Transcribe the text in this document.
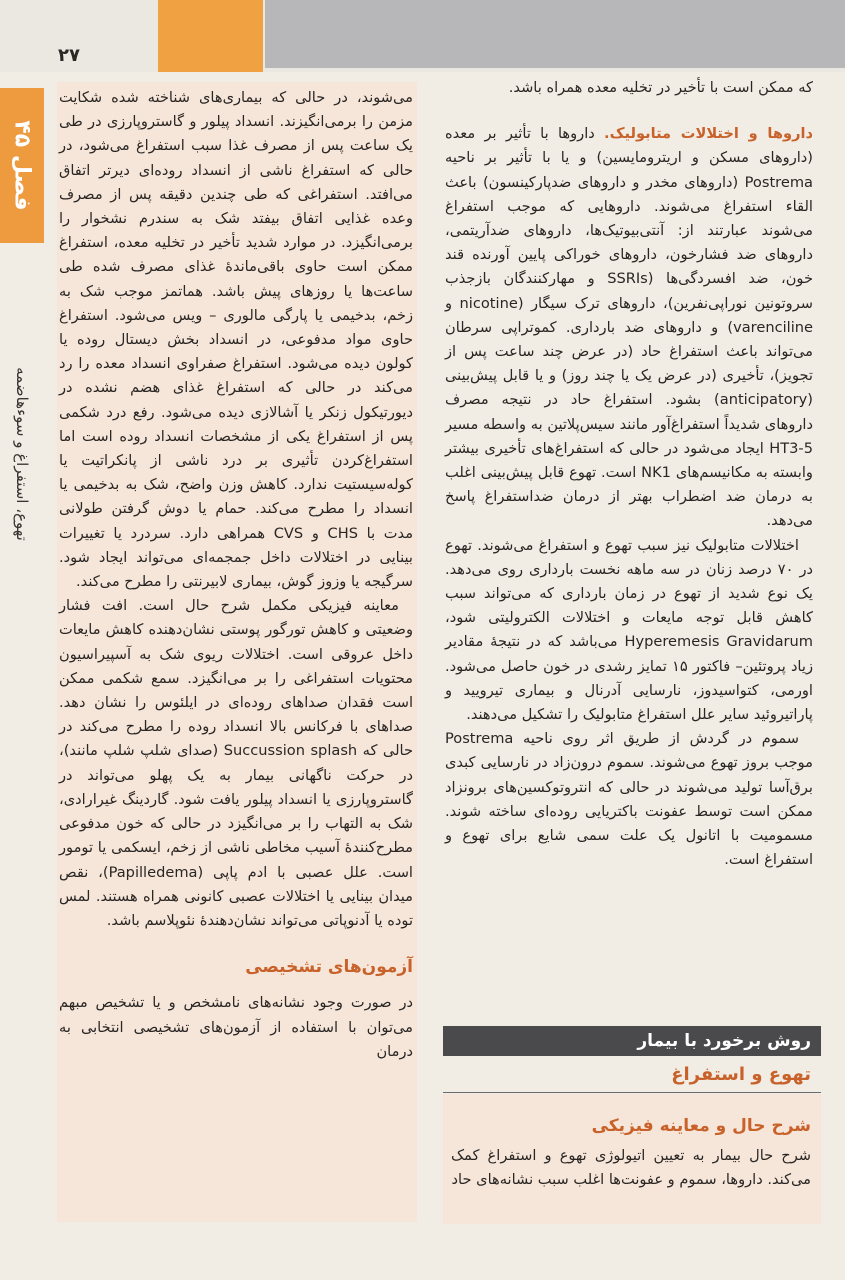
۲۷
فصل ۴۵
تهوع، استفراغ و سوءهاضمه

می‌شوند، در حالی که بیماری‌های شناخته شده شکایت مزمن را برمی‌انگیزند. انسداد پیلور و گاستروپارزی در طی یک ساعت پس از مصرف غذا سبب استفراغ می‌شود، در حالی که استفراغ ناشی از انسداد روده‌ای دیرتر اتفاق می‌افتد. استفراغی که طی چندین دقیقه پس از مصرف وعده غذایی اتفاق بیفتد شک به سندرم نشخوار را برمی‌انگیزد. در موارد شدید تأخیر در تخلیه معده، استفراغ ممکن است حاوی باقی‌ماندهٔ غذای مصرف شده طی ساعت‌ها یا روزهای پیش باشد. هماتمز موجب شک به زخم، بدخیمی یا پارگی مالوری – ویس می‌شود. استفراغ حاوی مواد مدفوعی، در انسداد بخش دیستال روده یا کولون دیده می‌شود. استفراغ صفراوی انسداد معده را رد می‌کند در حالی که استفراغ غذای هضم نشده در دیورتیکول زنکر یا آشالازی دیده می‌شود. رفع درد شکمی پس از استفراغ یکی از مشخصات انسداد روده است اما استفراغ‌کردن تأثیری بر درد ناشی از پانکراتیت یا کوله‌سیستیت ندارد. کاهش وزن واضح، شک به بدخیمی یا انسداد را مطرح می‌کند. حمام یا دوش گرفتن طولانی مدت با CHS و CVS همراهی دارد. سردرد یا تغییرات بینایی در اختلالات داخل جمجمه‌ای می‌تواند ایجاد شود. سرگیجه یا وزوز گوش، بیماری لابیرنتی را مطرح می‌کند.

معاینه فیزیکی مکمل شرح حال است. افت فشار وضعیتی و کاهش تورگور پوستی نشان‌دهنده کاهش مایعات داخل عروقی است. اختلالات ریوی شک به آسپیراسیون محتویات استفراغی را بر می‌انگیزد. سمع شکمی ممکن است فقدان صداهای روده‌ای در ایلئوس را نشان دهد. صداهای با فرکانس بالا انسداد روده را مطرح می‌کند در حالی که Succussion splash (صدای شلپ شلپ مانند)، در حرکت ناگهانی بیمار به یک پهلو می‌تواند در گاستروپارزی یا انسداد پیلور یافت شود. گاردینگ غیرارادی، شک به التهاب را بر می‌انگیزد در حالی که خون مدفوعی مطرح‌کنندهٔ آسیب مخاطی ناشی از زخم، ایسکمی یا تومور است. علل عصبی با ادم پاپی (Papilledema)، نقص میدان بینایی یا اختلالات عصبی کانونی همراه هستند. لمس توده یا آدنوپاتی می‌تواند نشان‌دهندهٔ نئوپلاسم باشد.

آزمون‌های تشخیصی

در صورت وجود نشانه‌های نامشخص و یا تشخیص مبهم می‌توان با استفاده از آزمون‌های تشخیصی انتخابی به درمان

که ممکن است با تأخیر در تخلیه معده همراه باشد.

داروها و اختلالات متابولیک. داروها با تأثیر بر معده (داروهای مسکن و اریترومایسین) و یا با تأثیر بر ناحیه Postrema (داروهای مخدر و داروهای ضدپارکینسون) باعث القاء استفراغ می‌شوند. داروهایی که موجب استفراغ می‌شوند عبارتند از: آنتی‌بیوتیک‌ها، داروهای ضدآریتمی، داروهای ضد فشارخون، داروهای خوراکی پایین آورنده قند خون، ضد افسردگی‌ها (SSRIs و مهارکنندگان بازجذب سروتونین نوراپی‌نفرین)، داروهای ترک سیگار (nicotine و varenciline) و داروهای ضد بارداری. کموتراپی سرطان می‌تواند باعث استفراغ حاد (در عرض چند ساعت پس از تجویز)، تأخیری (در عرض یک یا چند روز) و یا قابل پیش‌بینی (anticipatory) بشود. استفراغ حاد در نتیجه مصرف داروهای شدیداً استفراغ‌آور مانند سیس‌پلاتین به واسطه مسیر 5-HT3 ایجاد می‌شود در حالی که استفراغ‌های تأخیری بیشتر وابسته به مکانیسم‌های NK1 است. تهوع قابل پیش‌بینی اغلب به درمان ضد اضطراب بهتر از درمان ضداستفراغ پاسخ می‌دهد.

اختلالات متابولیک نیز سبب تهوع و استفراغ می‌شوند. تهوع در ۷۰ درصد زنان در سه ماهه نخست بارداری روی می‌دهد. یک نوع شدید از تهوع در زمان بارداری که می‌تواند سبب کاهش قابل توجه مایعات و اختلالات الکترولیتی شود، Hyperemesis Gravidarum می‌باشد که در نتیجهٔ مقادیر زیاد پروتئین– فاکتور ۱۵ تمایز رشدی در خون حاصل می‌شود. اورمی، کتواسیدوز، نارسایی آدرنال و بیماری تیرویید و پاراتیروئید سایر علل استفراغ متابولیک را تشکیل می‌دهند.

سموم در گردش از طریق اثر روی ناحیه Postrema موجب بروز تهوع می‌شوند. سموم درون‌زاد در نارسایی کبدی برق‌آسا تولید می‌شوند در حالی که انتروتوکسین‌های برونزاد ممکن است توسط عفونت باکتریایی روده‌ای ساخته شوند. مسمومیت با اتانول یک علت سمی شایع برای تهوع و استفراغ است.

روش برخورد با بیمار
تهوع و استفراغ
شرح حال و معاینه فیزیکی

شرح حال بیمار به تعیین اتیولوژی تهوع و استفراغ کمک می‌کند. داروها، سموم و عفونت‌ها اغلب سبب نشانه‌های حاد
